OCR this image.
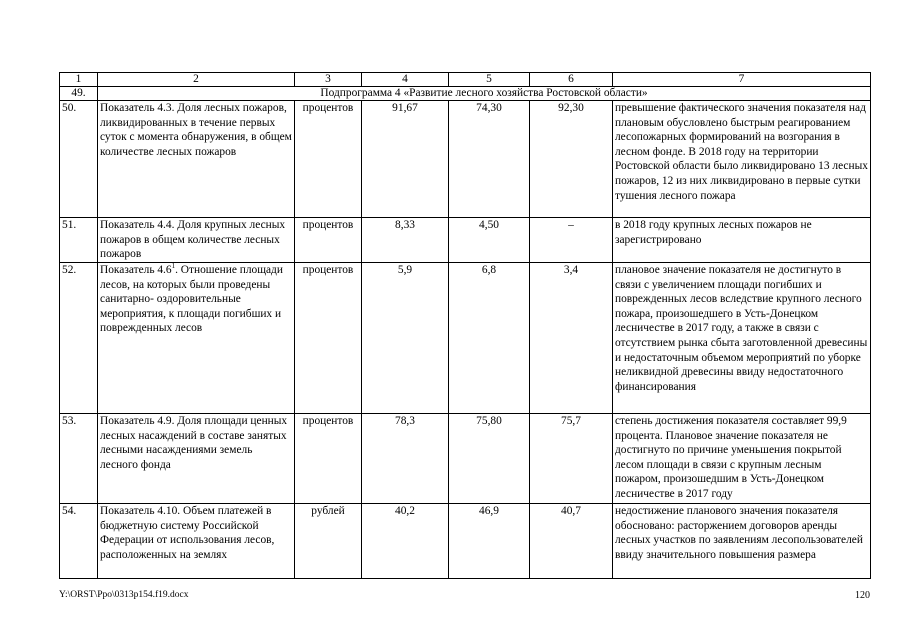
1	2	3	4	5	6	7
49.	Подпрограмма 4 «Развитие лесного хозяйства Ростовской области»					
50.	Показатель 4.3. Доля лесных пожаров, ликвидированных в течение первых суток с момента обнаружения, в общем количестве лесных пожаров	процентов	91,67	74,30	92,30	превышение фактического значения показателя над плановым обусловлено быстрым реагированием лесопожарных формирований на возгорания в лесном фонде. В 2018 году на территории Ростовской области было ликвидировано 13 лесных пожаров, 12 из них ликвидировано в первые сутки тушения лесного пожара
51.	Показатель 4.4. Доля крупных лесных пожаров в общем количестве лесных пожаров	процентов	8,33	4,50	–	в 2018 году крупных лесных пожаров не зарегистрировано
52.	Показатель $4.6^1$. Отношение площади лесов, на которых были проведены санитарно- оздоровительные мероприятия, к площади погибших и поврежденных лесов	процентов	5,9	6,8	3,4	плановое значение показателя не достигнуто в связи с увеличением площади погибших и поврежденных лесов вследствие крупного лесного пожара, произошедшего в Усть-Донецком лесничестве в 2017 году, а также в связи с отсутствием рынка сбыта заготовленной древесины и недостаточным объемом мероприятий по уборке неликвидной древесины ввиду недостаточного финансирования
53.	Показатель 4.9. Доля площади ценных лесных насаждений в составе занятых лесными насаждениями земель лесного фонда	процентов	78,3	75,80	75,7	степень достижения показателя составляет 99,9 процента. Плановое значение показателя не достигнуто по причине уменьшения покрытой лесом площади в связи с крупным лесным пожаром, произошедшим в Усть-Донецком лесничестве в 2017 году
54.	Показатель 4.10. Объем платежей в бюджетную систему Российской Федерации от использования лесов, расположенных на землях	рублей	40,2	46,9	40,7	недостижение планового значения показателя обосновано: расторжением договоров аренды лесных участков по заявлениям лесопользователей ввиду значительного повышения размера
Y:\ORST\Ppo\0313p154.f19.docx	120
